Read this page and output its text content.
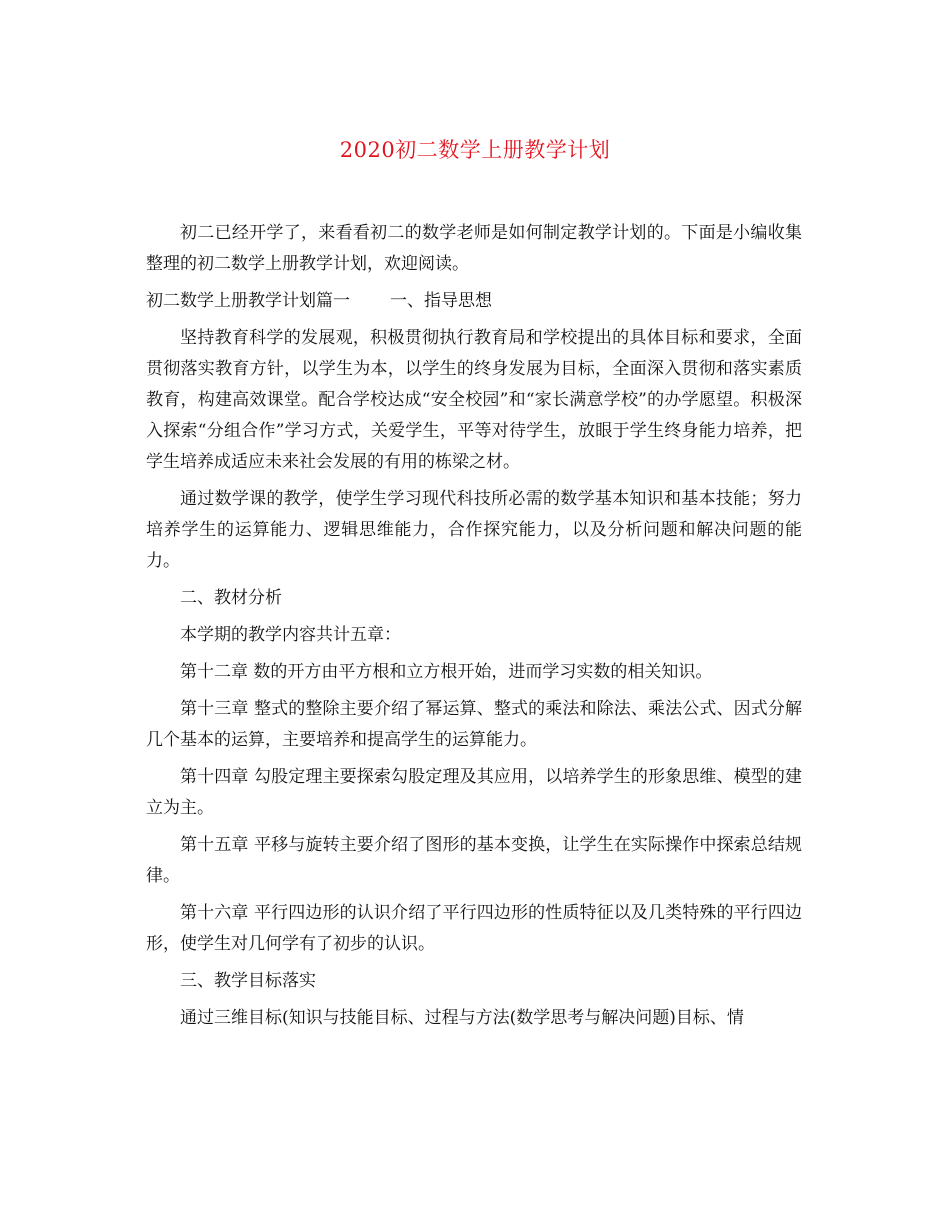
2020初二数学上册教学计划

初二已经开学了，来看看初二的数学老师是如何制定教学计划的。下面是小编收集整理的初二数学上册教学计划，欢迎阅读。

初二数学上册教学计划篇一 一、指导思想

坚持教育科学的发展观，积极贯彻执行教育局和学校提出的具体目标和要求，全面贯彻落实教育方针，以学生为本，以学生的终身发展为目标，全面深入贯彻和落实素质教育，构建高效课堂。配合学校达成“安全校园”和“家长满意学校”的办学愿望。积极深入探索“分组合作”学习方式，关爱学生，平等对待学生，放眼于学生终身能力培养，把学生培养成适应未来社会发展的有用的栋梁之材。

通过数学课的教学，使学生学习现代科技所必需的数学基本知识和基本技能；努力培养学生的运算能力、逻辑思维能力，合作探究能力，以及分析问题和解决问题的能力。

二、教材分析

本学期的教学内容共计五章：

第十二章 数的开方由平方根和立方根开始，进而学习实数的相关知识。

第十三章 整式的整除主要介绍了幂运算、整式的乘法和除法、乘法公式、因式分解几个基本的运算，主要培养和提高学生的运算能力。

第十四章 勾股定理主要探索勾股定理及其应用，以培养学生的形象思维、模型的建立为主。

第十五章 平移与旋转主要介绍了图形的基本变换，让学生在实际操作中探索总结规律。

第十六章 平行四边形的认识介绍了平行四边形的性质特征以及几类特殊的平行四边形，使学生对几何学有了初步的认识。

三、教学目标落实

通过三维目标(知识与技能目标、过程与方法(数学思考与解决问题)目标、情
